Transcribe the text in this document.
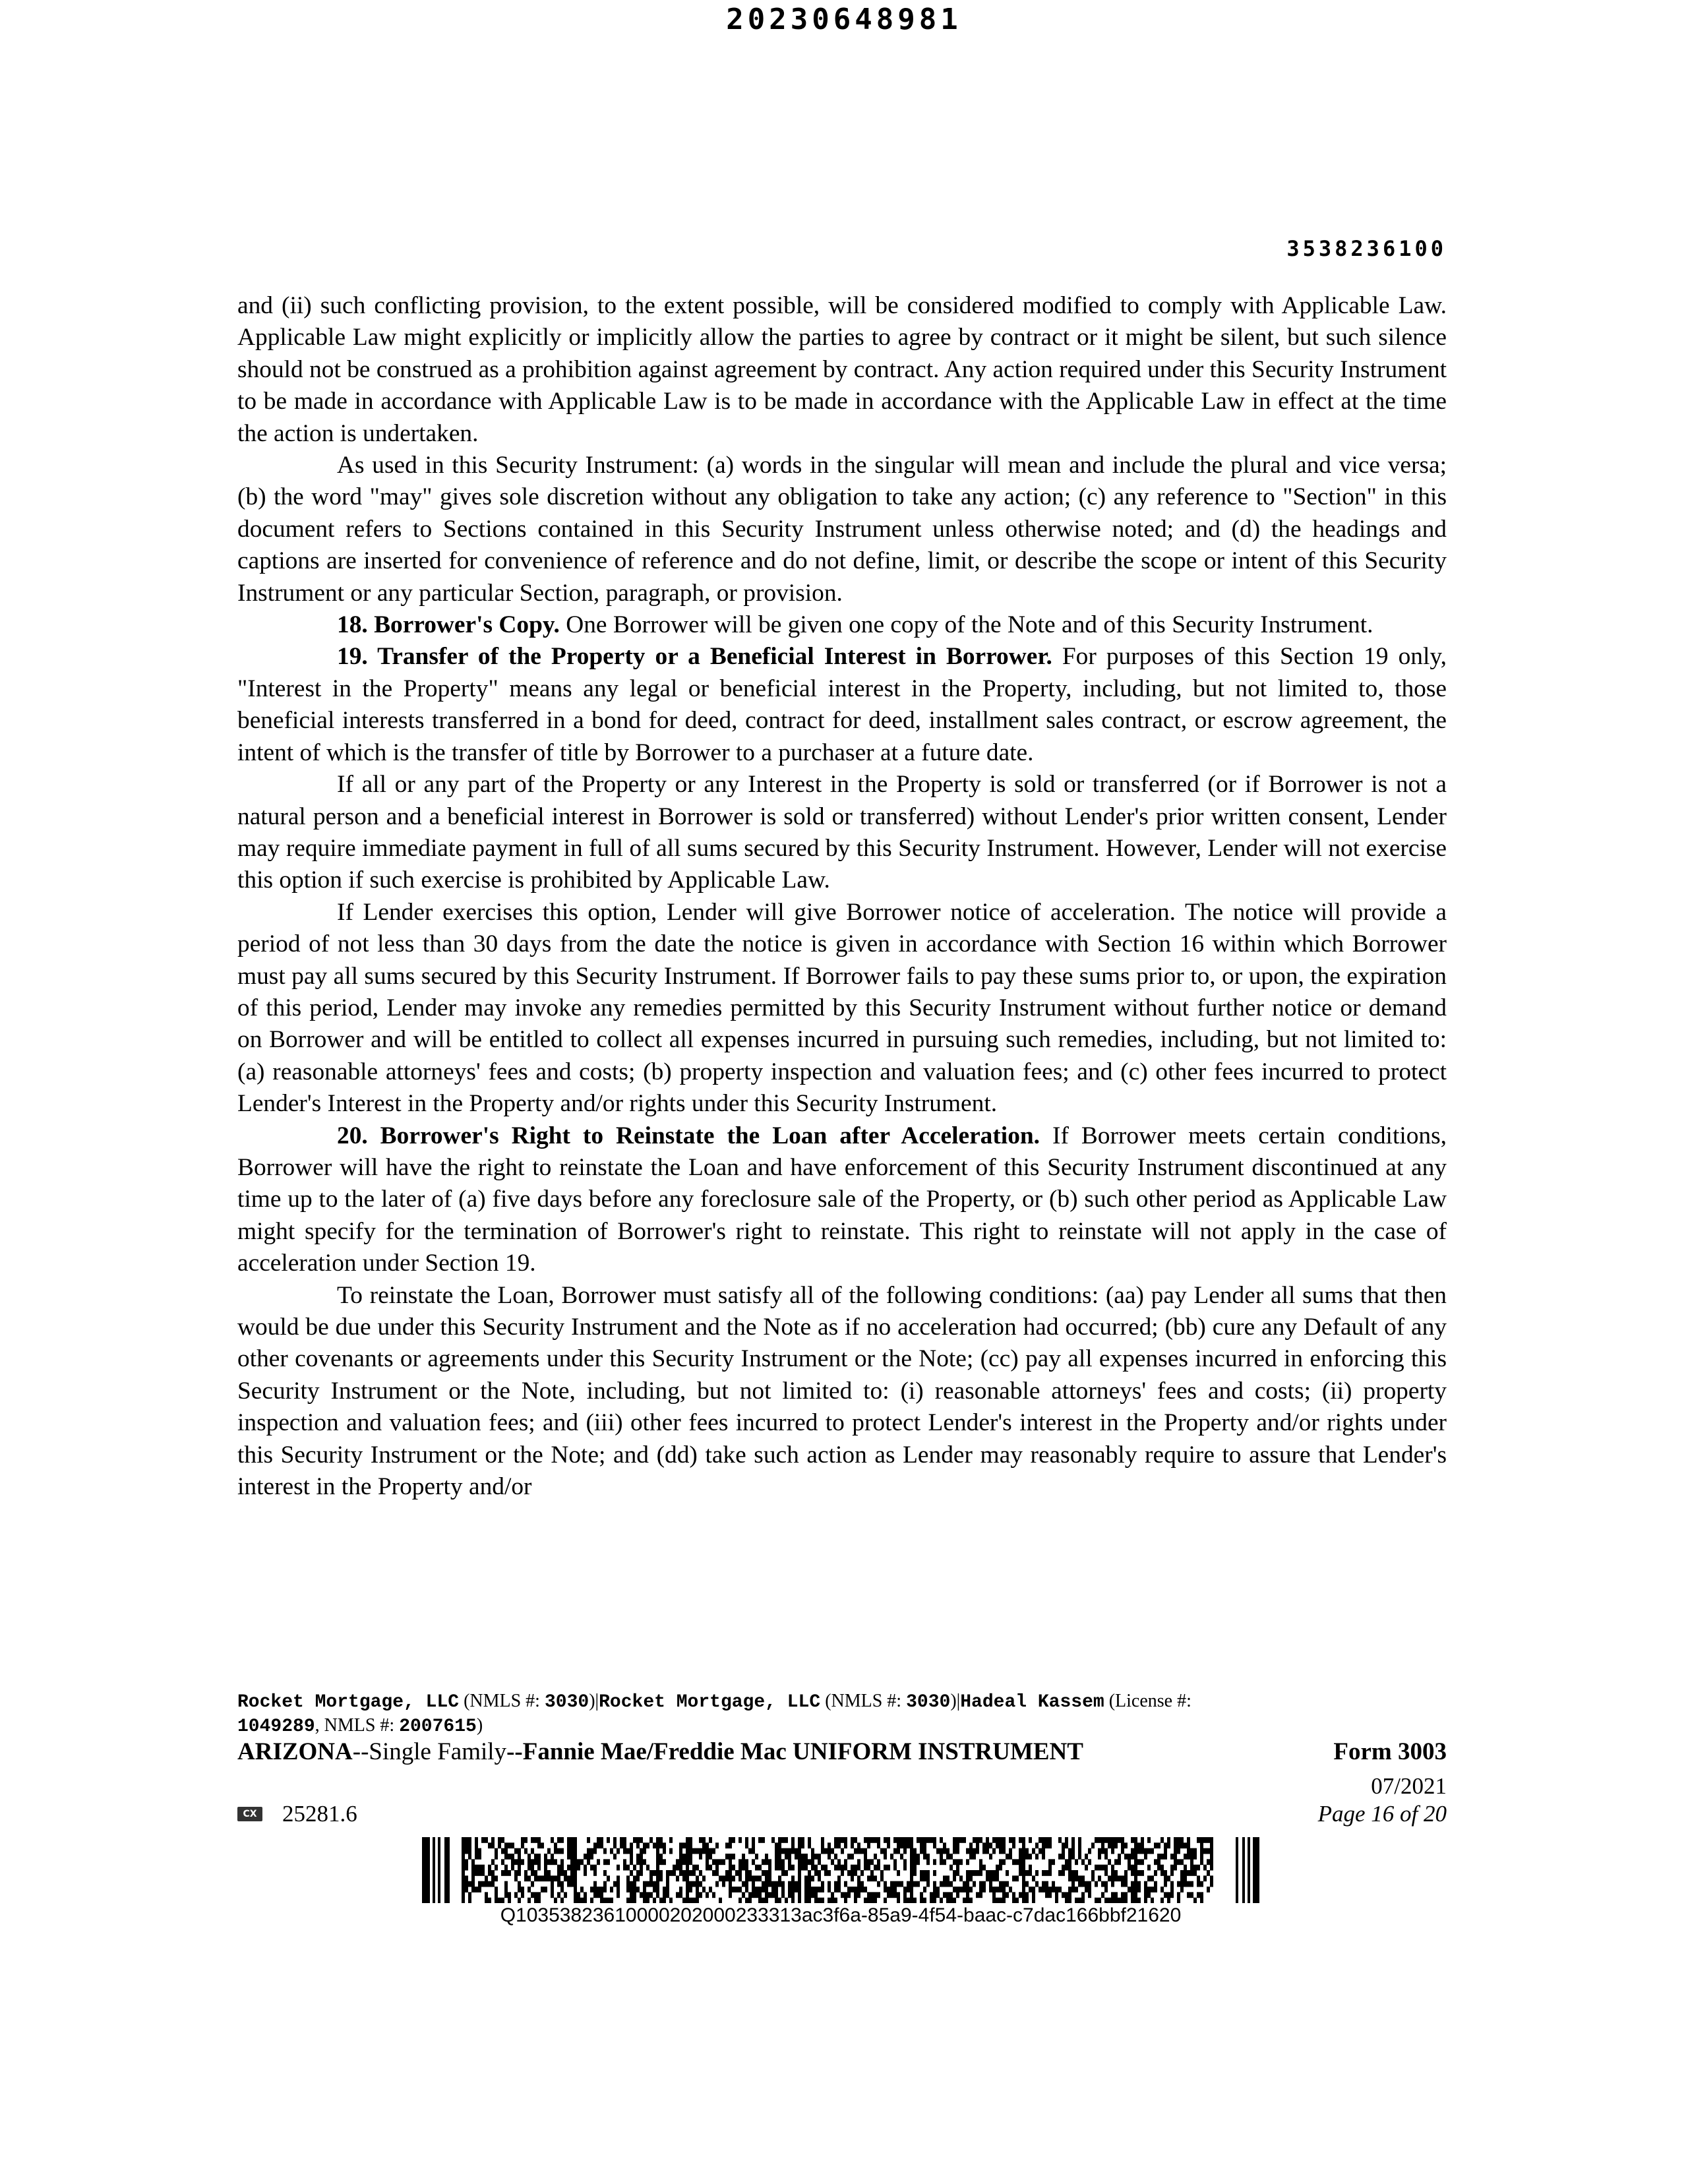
20230648981
3538236100

and (ii) such conflicting provision, to the extent possible, will be considered modified to comply with Applicable Law. Applicable Law might explicitly or implicitly allow the parties to agree by contract or it might be silent, but such silence should not be construed as a prohibition against agreement by contract. Any action required under this Security Instrument to be made in accordance with Applicable Law is to be made in accordance with the Applicable Law in effect at the time the action is undertaken.

As used in this Security Instrument: (a) words in the singular will mean and include the plural and vice versa; (b) the word "may" gives sole discretion without any obligation to take any action; (c) any reference to "Section" in this document refers to Sections contained in this Security Instrument unless otherwise noted; and (d) the headings and captions are inserted for convenience of reference and do not define, limit, or describe the scope or intent of this Security Instrument or any particular Section, paragraph, or provision.

18. Borrower's Copy. One Borrower will be given one copy of the Note and of this Security Instrument.

19. Transfer of the Property or a Beneficial Interest in Borrower. For purposes of this Section 19 only, "Interest in the Property" means any legal or beneficial interest in the Property, including, but not limited to, those beneficial interests transferred in a bond for deed, contract for deed, installment sales contract, or escrow agreement, the intent of which is the transfer of title by Borrower to a purchaser at a future date.

If all or any part of the Property or any Interest in the Property is sold or transferred (or if Borrower is not a natural person and a beneficial interest in Borrower is sold or transferred) without Lender's prior written consent, Lender may require immediate payment in full of all sums secured by this Security Instrument. However, Lender will not exercise this option if such exercise is prohibited by Applicable Law.

If Lender exercises this option, Lender will give Borrower notice of acceleration. The notice will provide a period of not less than 30 days from the date the notice is given in accordance with Section 16 within which Borrower must pay all sums secured by this Security Instrument. If Borrower fails to pay these sums prior to, or upon, the expiration of this period, Lender may invoke any remedies permitted by this Security Instrument without further notice or demand on Borrower and will be entitled to collect all expenses incurred in pursuing such remedies, including, but not limited to: (a) reasonable attorneys' fees and costs; (b) property inspection and valuation fees; and (c) other fees incurred to protect Lender's Interest in the Property and/or rights under this Security Instrument.

20. Borrower's Right to Reinstate the Loan after Acceleration. If Borrower meets certain conditions, Borrower will have the right to reinstate the Loan and have enforcement of this Security Instrument discontinued at any time up to the later of (a) five days before any foreclosure sale of the Property, or (b) such other period as Applicable Law might specify for the termination of Borrower's right to reinstate. This right to reinstate will not apply in the case of acceleration under Section 19.

To reinstate the Loan, Borrower must satisfy all of the following conditions: (aa) pay Lender all sums that then would be due under this Security Instrument and the Note as if no acceleration had occurred; (bb) cure any Default of any other covenants or agreements under this Security Instrument or the Note; (cc) pay all expenses incurred in enforcing this Security Instrument or the Note, including, but not limited to: (i) reasonable attorneys' fees and costs; (ii) property inspection and valuation fees; and (iii) other fees incurred to protect Lender's interest in the Property and/or rights under this Security Instrument or the Note; and (dd) take such action as Lender may reasonably require to assure that Lender's interest in the Property and/or

Rocket Mortgage, LLC (NMLS #: 3030)|Rocket Mortgage, LLC (NMLS #: 3030)|Hadeal Kassem (License #:
1049289, NMLS #: 2007615)
ARIZONA--Single Family--Fannie Mae/Freddie Mac UNIFORM INSTRUMENT	Form 3003
07/2021
CX 25281.6	Page 16 of 20
Q10353823610000202000233313ac3f6a-85a9-4f54-baac-c7dac166bbf21620
